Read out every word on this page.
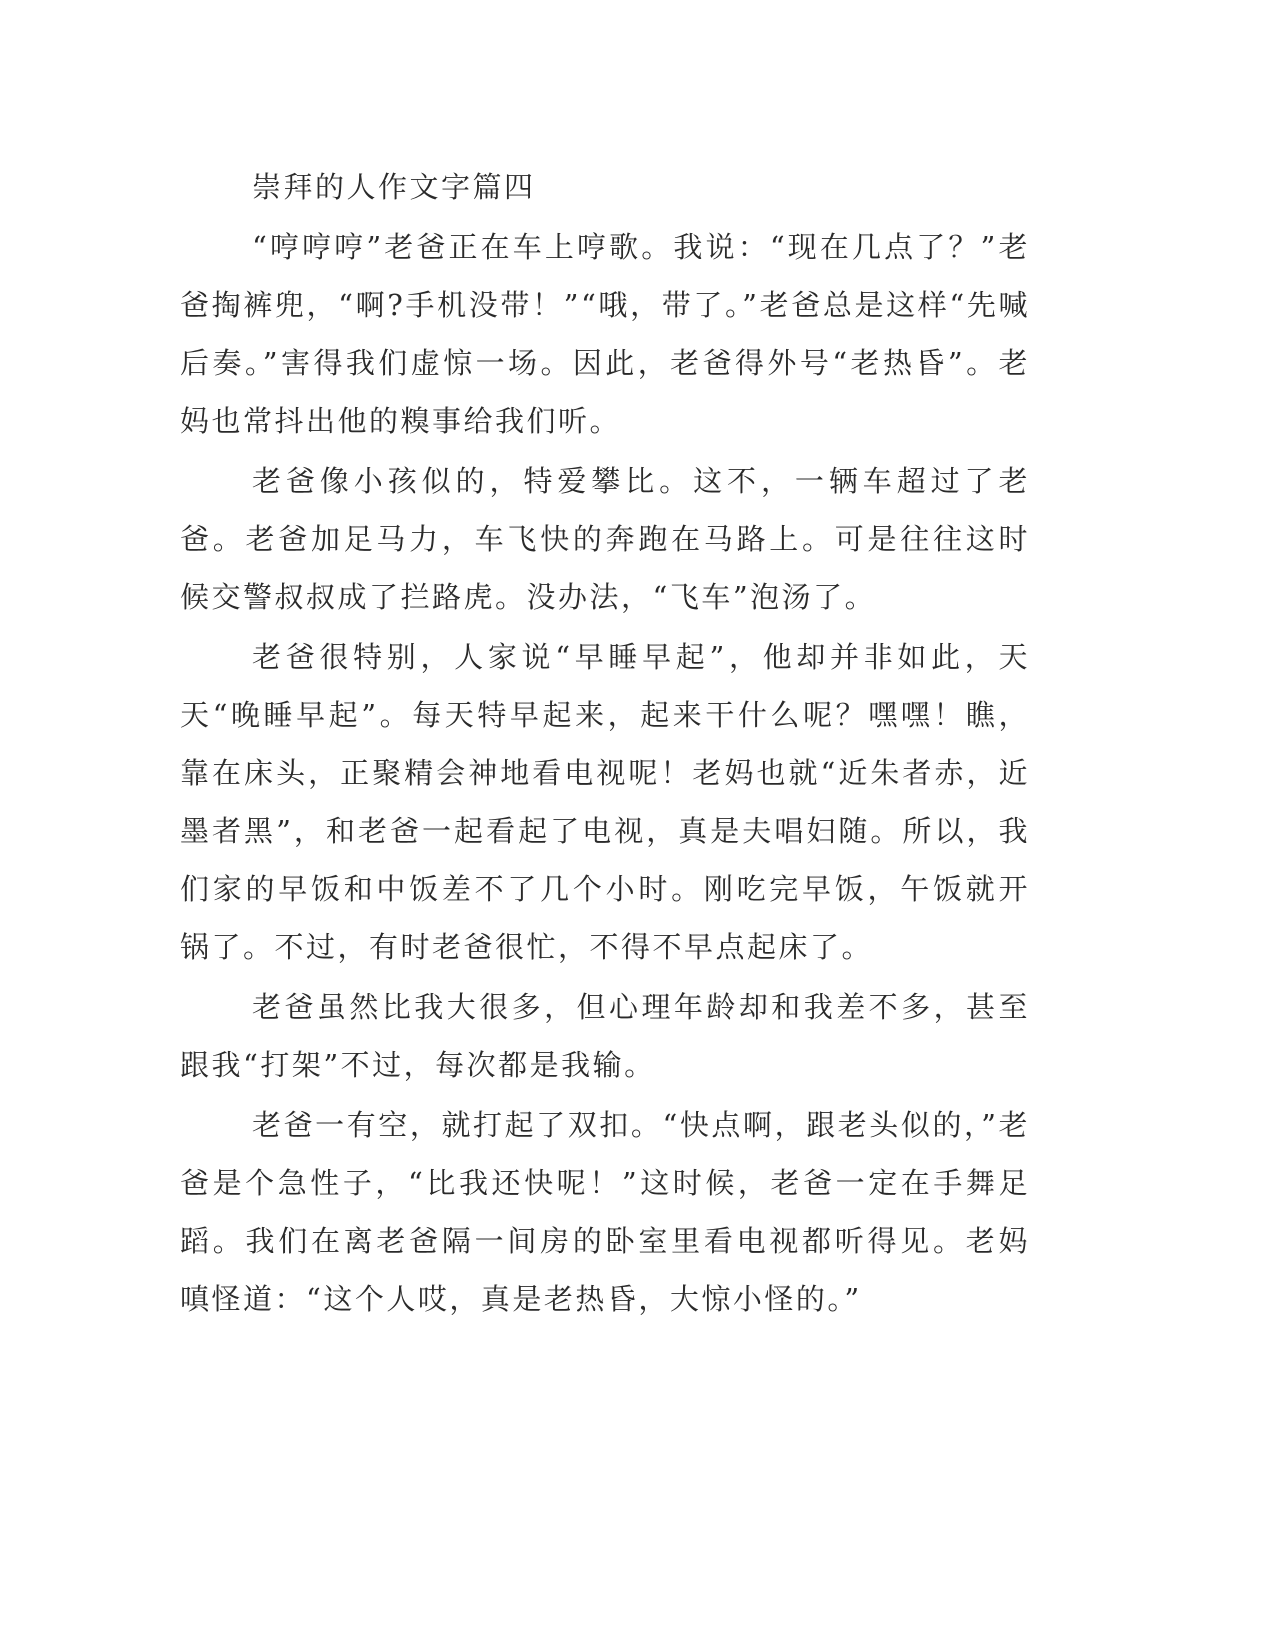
崇拜的人作文字篇四

“哼哼哼”老爸正在车上哼歌。我说：“现在几点了？”老爸掏裤兜，“啊?手机没带！”“哦，带了。”老爸总是这样“先喊后奏。”害得我们虚惊一场。因此，老爸得外号“老热昏”。老妈也常抖出他的糗事给我们听。

老爸像小孩似的，特爱攀比。这不，一辆车超过了老爸。老爸加足马力，车飞快的奔跑在马路上。可是往往这时候交警叔叔成了拦路虎。没办法，“飞车”泡汤了。

老爸很特别，人家说“早睡早起”，他却并非如此，天天“晚睡早起”。每天特早起来，起来干什么呢？嘿嘿！瞧，靠在床头，正聚精会神地看电视呢！老妈也就“近朱者赤，近墨者黑”，和老爸一起看起了电视，真是夫唱妇随。所以，我们家的早饭和中饭差不了几个小时。刚吃完早饭，午饭就开锅了。不过，有时老爸很忙，不得不早点起床了。

老爸虽然比我大很多，但心理年龄却和我差不多，甚至跟我“打架”不过，每次都是我输。

老爸一有空，就打起了双扣。“快点啊，跟老头似的，”老爸是个急性子，“比我还快呢！”这时候，老爸一定在手舞足蹈。我们在离老爸隔一间房的卧室里看电视都听得见。老妈嗔怪道：“这个人哎，真是老热昏，大惊小怪的。”
